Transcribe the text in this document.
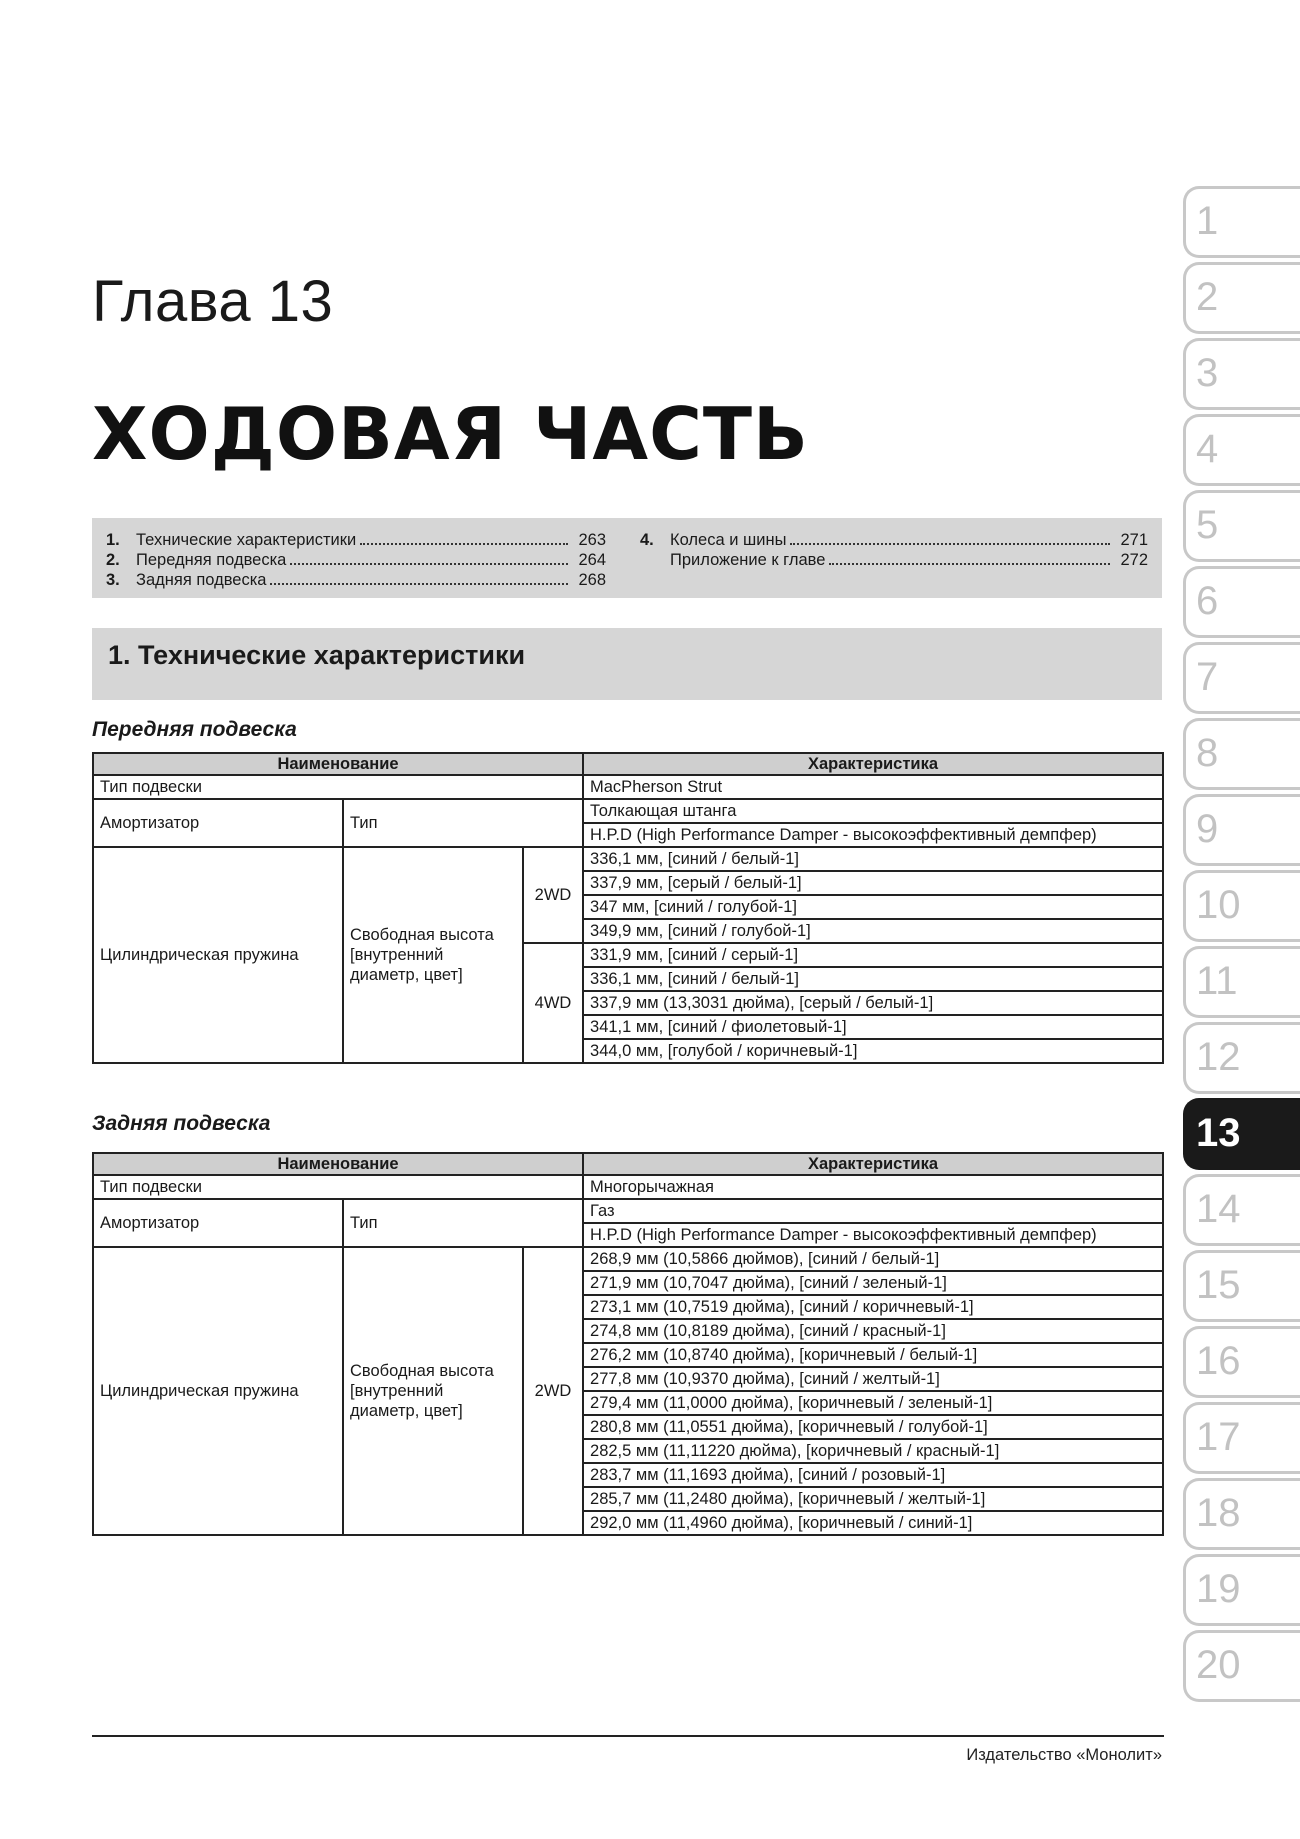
Глава 13
ХОДОВАЯ ЧАСТЬ
1. Технические характеристики	263
2. Передняя подвеска	264
3. Задняя подвеска	268
4. Колеса и шины	271
Приложение к главе	272
1. Технические характеристики
Передняя подвеска
Наименование			Характеристика
Тип подвески			MacPherson Strut
Амортизатор	Тип		Толкающая штанга
			H.P.D (High Performance Damper - высокоэффективный демпфер)
Цилиндрическая пружина	Свободная высота [внутренний диаметр, цвет]	2WD	336,1 мм, [синий / белый-1]
			337,9 мм, [серый / белый-1]
			347 мм, [синий / голубой-1]
			349,9 мм, [синий / голубой-1]
		4WD	331,9 мм, [синий / серый-1]
			336,1 мм, [синий / белый-1]
			337,9 мм (13,3031 дюйма), [серый / белый-1]
			341,1 мм, [синий / фиолетовый-1]
			344,0 мм, [голубой / коричневый-1]
Задняя подвеска
Наименование			Характеристика
Тип подвески			Многорычажная
Амортизатор	Тип		Газ
			H.P.D (High Performance Damper - высокоэффективный демпфер)
Цилиндрическая пружина	Свободная высота [внутренний диаметр, цвет]	2WD	268,9 мм (10,5866 дюймов), [синий / белый-1]
			271,9 мм (10,7047 дюйма), [синий / зеленый-1]
			273,1 мм (10,7519 дюйма), [синий / коричневый-1]
			274,8 мм (10,8189 дюйма), [синий / красный-1]
			276,2 мм (10,8740 дюйма), [коричневый / белый-1]
			277,8 мм (10,9370 дюйма), [синий / желтый-1]
			279,4 мм (11,0000 дюйма), [коричневый / зеленый-1]
			280,8 мм (11,0551 дюйма), [коричневый / голубой-1]
			282,5 мм (11,11220 дюйма), [коричневый / красный-1]
			283,7 мм (11,1693 дюйма), [синий / розовый-1]
			285,7 мм (11,2480 дюйма), [коричневый / желтый-1]
			292,0 мм (11,4960 дюйма), [коричневый / синий-1]
1
2
3
4
5
6
7
8
9
10
11
12
13
14
15
16
17
18
19
20
Издательство «Монолит»
